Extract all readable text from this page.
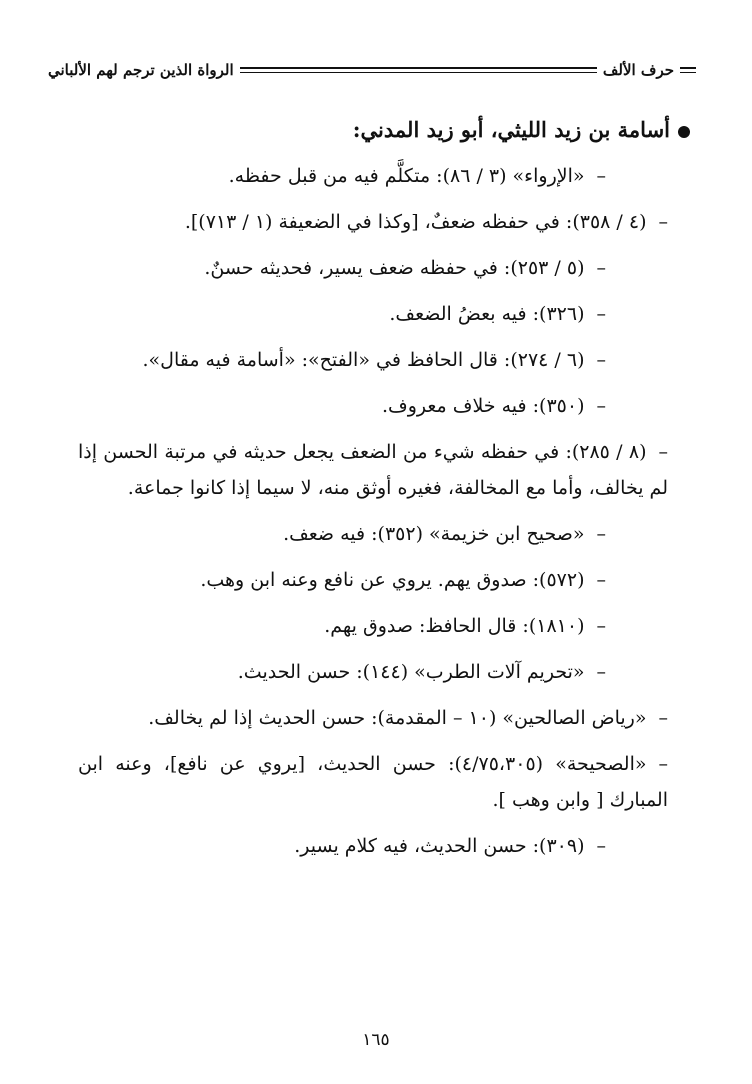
حرف الألف
الرواة الذين ترجم لهم الألباني
أسامة بن زيد الليثي، أبو زيد المدني:
–«الإرواء» (٣ / ٨٦): متكلَّم فيه من قبل حفظه.
–(٤ / ٣٥٨): في حفظه ضعفٌ، [وكذا في الضعيفة (١ / ٧١٣)].
–(٥ / ٢٥٣): في حفظه ضعف يسير، فحديثه حسنٌ.
–(٣٢٦): فيه بعضُ الضعف.
–(٦ / ٢٧٤): قال الحافظ في «الفتح»: «أسامة فيه مقال».
–(٣٥٠): فيه خلاف معروف.
–(٨ / ٢٨٥): في حفظه شيء من الضعف يجعل حديثه في مرتبة الحسن إذا لم يخالف، وأما مع المخالفة، فغيره أوثق منه، لا سيما إذا كانوا جماعة.
–«صحيح ابن خزيمة» (٣٥٢): فيه ضعف.
–(٥٧٢): صدوق يهم. يروي عن نافع وعنه ابن وهب.
–(١٨١٠): قال الحافظ: صدوق يهم.
–«تحريم آلات الطرب» (١٤٤): حسن الحديث.
–«رياض الصالحين» (١٠ – المقدمة): حسن الحديث إذا لم يخالف.
–«الصحيحة» (٤/٧٥،٣٠٥): حسن الحديث، [يروي عن نافع]، وعنه ابن المبارك [ وابن وهب ].
–(٣٠٩): حسن الحديث، فيه كلام يسير.
١٦٥
